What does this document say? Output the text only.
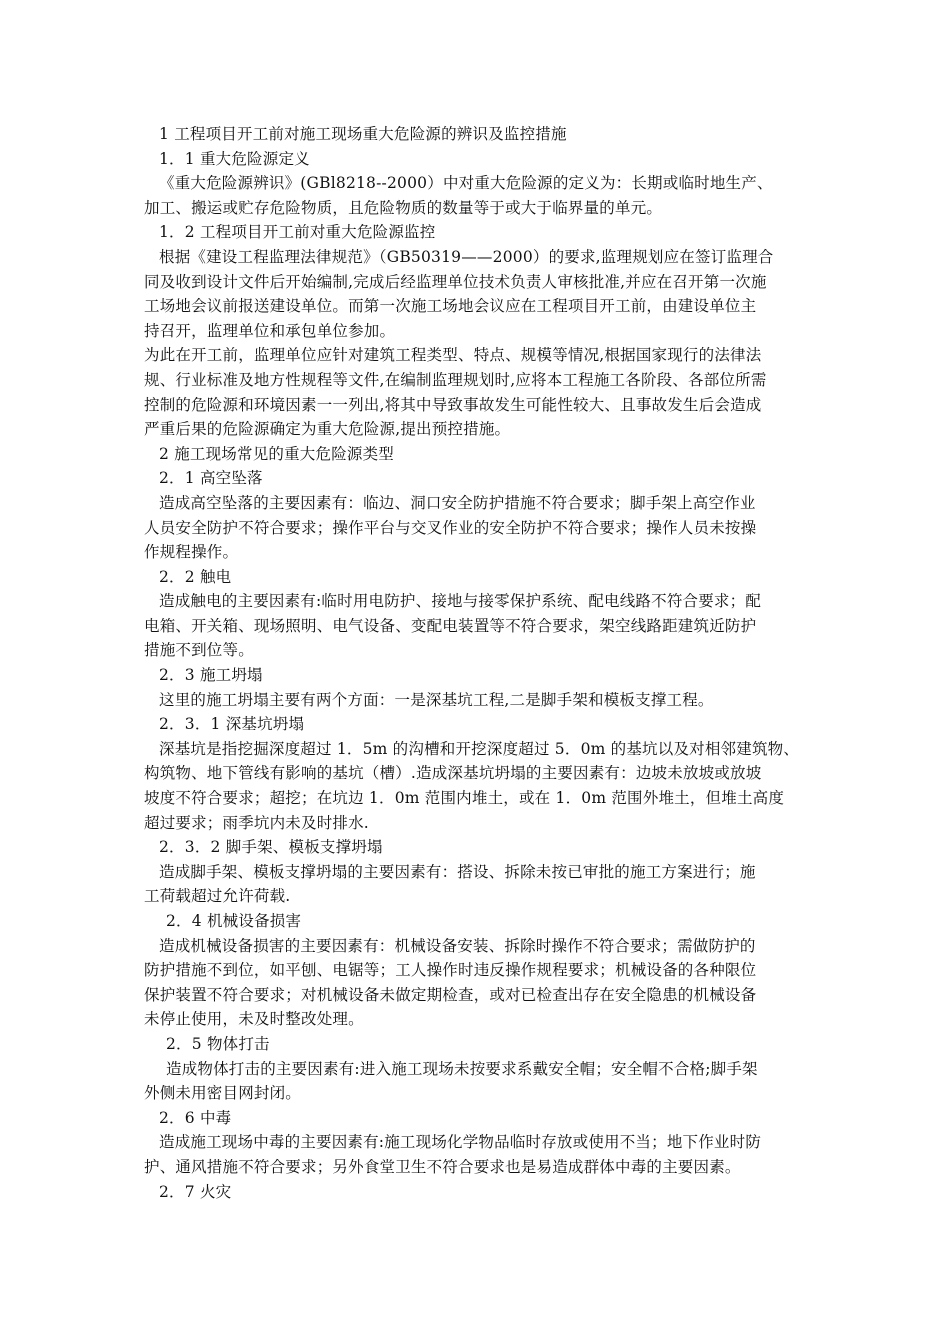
1 工程项目开工前对施工现场重大危险源的辨识及监控措施
1．1 重大危险源定义
《重大危险源辨识》(GBl8218--2000）中对重大危险源的定义为：长期或临时地生产、
加工、搬运或贮存危险物质，且危险物质的数量等于或大于临界量的单元。
1．2 工程项目开工前对重大危险源监控
根据《建设工程监理法律规范》（GB50319——2000）的要求,监理规划应在签订监理合
同及收到设计文件后开始编制,完成后经监理单位技术负责人审核批准,并应在召开第一次施
工场地会议前报送建设单位。而第一次施工场地会议应在工程项目开工前，由建设单位主
持召开，监理单位和承包单位参加。
为此在开工前，监理单位应针对建筑工程类型、特点、规模等情况,根据国家现行的法律法
规、行业标准及地方性规程等文件,在编制监理规划时,应将本工程施工各阶段、各部位所需
控制的危险源和环境因素一一列出,将其中导致事故发生可能性较大、且事故发生后会造成
严重后果的危险源确定为重大危险源,提出预控措施。
2 施工现场常见的重大危险源类型
2．1 高空坠落
造成高空坠落的主要因素有：临边、洞口安全防护措施不符合要求；脚手架上高空作业
人员安全防护不符合要求；操作平台与交叉作业的安全防护不符合要求；操作人员未按操
作规程操作。
2．2 触电
造成触电的主要因素有:临时用电防护、接地与接零保护系统、配电线路不符合要求；配
电箱、开关箱、现场照明、电气设备、变配电装置等不符合要求，架空线路距建筑近防护
措施不到位等。
2．3 施工坍塌
这里的施工坍塌主要有两个方面：一是深基坑工程,二是脚手架和模板支撑工程。
2．3．1 深基坑坍塌
深基坑是指挖掘深度超过 1．5m 的沟槽和开挖深度超过 5．0m 的基坑以及对相邻建筑物、
构筑物、地下管线有影响的基坑（槽）.造成深基坑坍塌的主要因素有：边坡未放坡或放坡
坡度不符合要求；超挖；在坑边 1．0m 范围内堆土，或在 1．0m 范围外堆土，但堆土高度
超过要求；雨季坑内未及时排水.
2．3．2 脚手架、模板支撑坍塌
造成脚手架、模板支撑坍塌的主要因素有：搭设、拆除未按已审批的施工方案进行；施
工荷载超过允许荷载.
2．4 机械设备损害
造成机械设备损害的主要因素有：机械设备安装、拆除时操作不符合要求；需做防护的
防护措施不到位，如平刨、电锯等；工人操作时违反操作规程要求；机械设备的各种限位
保护装置不符合要求；对机械设备未做定期检查，或对已检查出存在安全隐患的机械设备
未停止使用，未及时整改处理。
2．5 物体打击
造成物体打击的主要因素有:进入施工现场未按要求系戴安全帽；安全帽不合格;脚手架
外侧未用密目网封闭。
2．6 中毒
造成施工现场中毒的主要因素有:施工现场化学物品临时存放或使用不当；地下作业时防
护、通风措施不符合要求；另外食堂卫生不符合要求也是易造成群体中毒的主要因素。
2．7 火灾
